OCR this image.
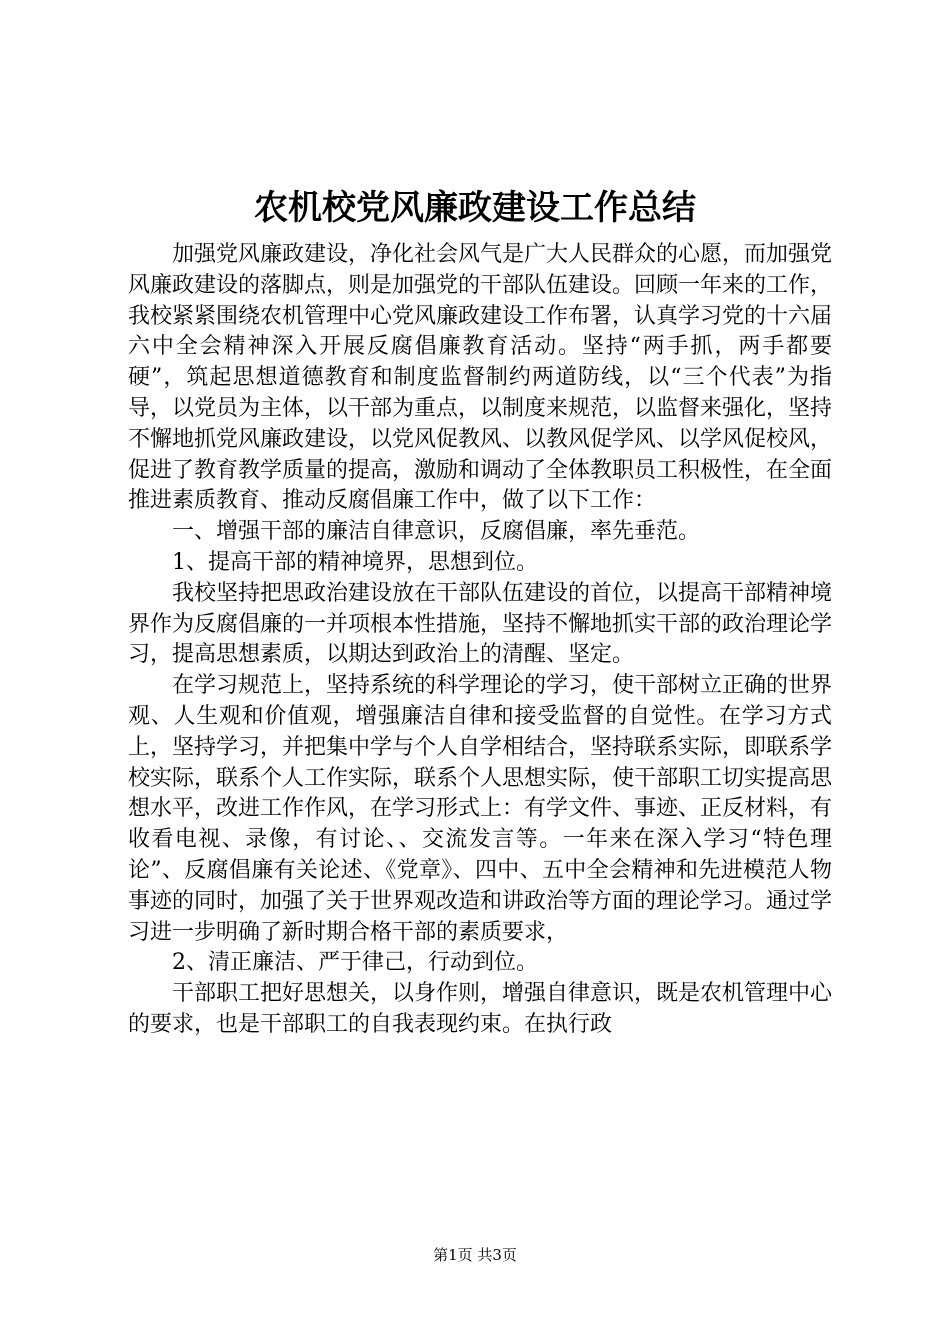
农机校党风廉政建设工作总结

加强党风廉政建设，净化社会风气是广大人民群众的心愿，而加强党风廉政建设的落脚点，则是加强党的干部队伍建设。回顾一年来的工作，我校紧紧围绕农机管理中心党风廉政建设工作布署，认真学习党的十六届六中全会精神深入开展反腐倡廉教育活动。坚持“两手抓，两手都要硬”，筑起思想道德教育和制度监督制约两道防线，以“三个代表”为指导，以党员为主体，以干部为重点，以制度来规范，以监督来强化，坚持不懈地抓党风廉政建设，以党风促教风、以教风促学风、以学风促校风，促进了教育教学质量的提高，激励和调动了全体教职员工积极性，在全面推进素质教育、推动反腐倡廉工作中，做了以下工作：

一、增强干部的廉洁自律意识，反腐倡廉，率先垂范。

1、提高干部的精神境界，思想到位。

我校坚持把思政治建设放在干部队伍建设的首位，以提高干部精神境界作为反腐倡廉的一并项根本性措施，坚持不懈地抓实干部的政治理论学习，提高思想素质，以期达到政治上的清醒、坚定。

在学习规范上，坚持系统的科学理论的学习，使干部树立正确的世界观、人生观和价值观，增强廉洁自律和接受监督的自觉性。在学习方式上，坚持学习，并把集中学与个人自学相结合，坚持联系实际，即联系学校实际，联系个人工作实际，联系个人思想实际，使干部职工切实提高思想水平，改进工作作风，在学习形式上：有学文件、事迹、正反材料，有收看电视、录像，有讨论、、交流发言等。一年来在深入学习“特色理论”、反腐倡廉有关论述、《党章》、四中、五中全会精神和先进模范人物事迹的同时，加强了关于世界观改造和讲政治等方面的理论学习。通过学习进一步明确了新时期合格干部的素质要求，

2、清正廉洁、严于律己，行动到位。

干部职工把好思想关，以身作则，增强自律意识，既是农机管理中心的要求，也是干部职工的自我表现约束。在执行政

第1页 共3页
